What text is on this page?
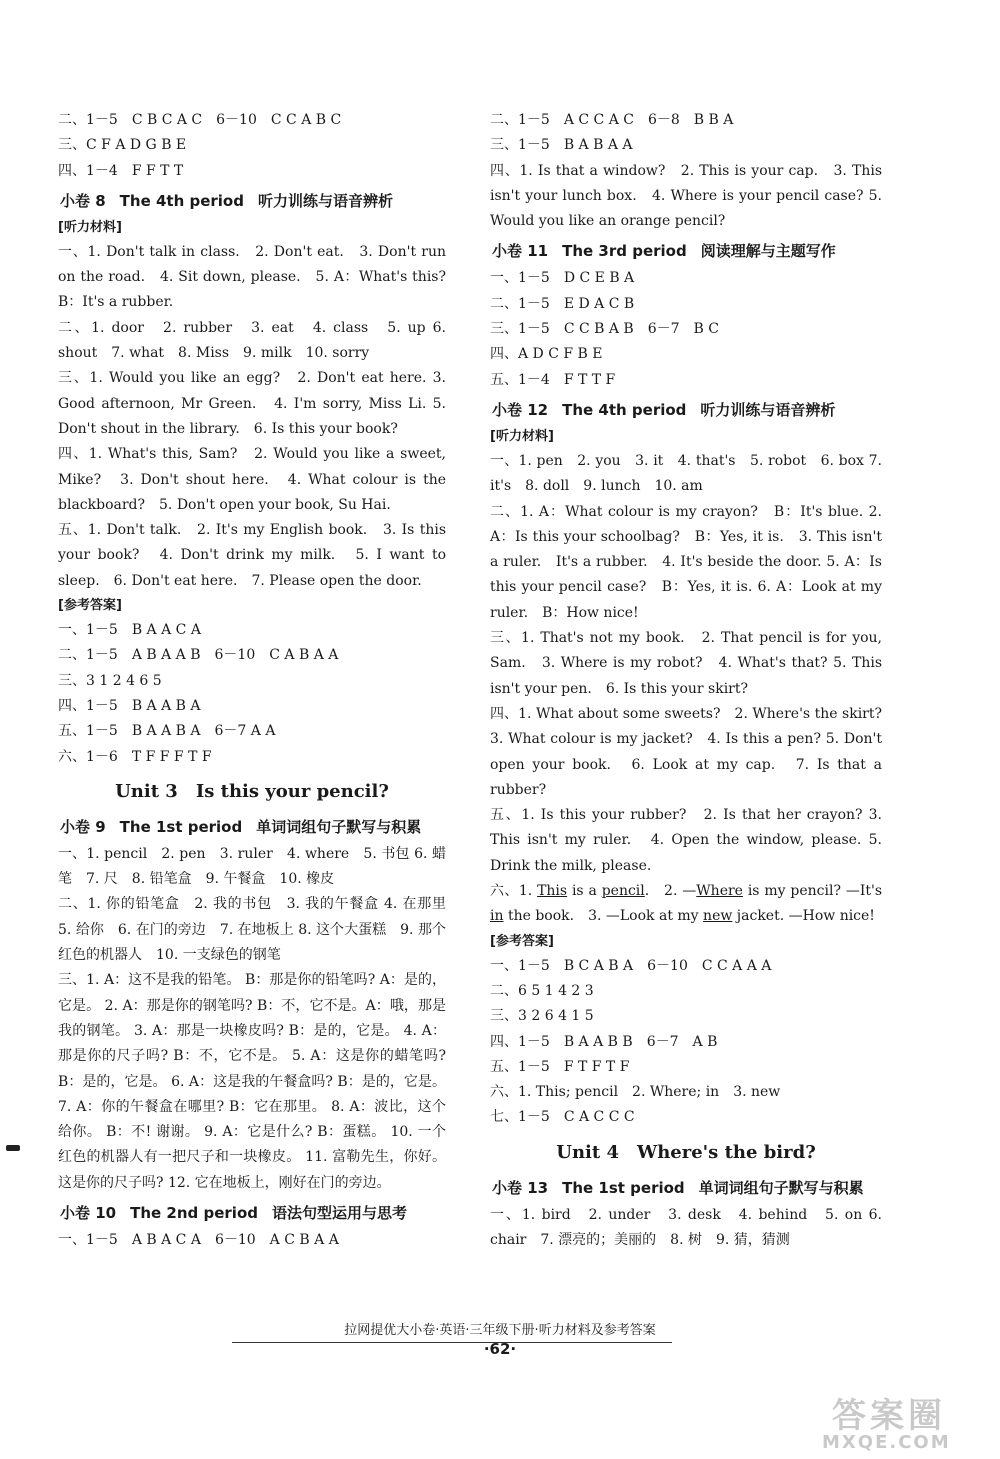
二、1－5　C B C A C　6－10　C C A B C
三、C F A D G B E
四、1－4　F F T T
小卷 8 The 4th period 听力训练与语音辨析
[听力材料]
一、1. Don't talk in class.　2. Don't eat.　3. Don't run on the road.　4. Sit down, please.　5. A：What's this? B：It's a rubber.
二、1. door　2. rubber　3. eat　4. class　5. up 6. shout　7. what　8. Miss　9. milk　10. sorry
三、1. Would you like an egg?　2. Don't eat here. 3. Good afternoon, Mr Green.　4. I'm sorry, Miss Li. 5. Don't shout in the library.　6. Is this your book?
四、1. What's this, Sam?　2. Would you like a sweet, Mike?　3. Don't shout here.　4. What colour is the blackboard?　5. Don't open your book, Su Hai.
五、1. Don't talk.　2. It's my English book.　3. Is this your book?　4. Don't drink my milk.　5. I want to sleep.　6. Don't eat here.　7. Please open the door.
[参考答案]
一、1－5　B A A C A
二、1－5　A B A A B　6－10　C A B A A
三、3 1 2 4 6 5
四、1－5　B A A B A
五、1－5　B A A B A　6－7 A A
六、1－6　T F F F T F
Unit 3　Is this your pencil?
小卷 9 The 1st period 单词词组句子默写与积累
一、1. pencil　2. pen　3. ruler　4. where　5. 书包 6. 蜡笔　7. 尺　8. 铅笔盒　9. 午餐盒　10. 橡皮
二、1. 你的铅笔盒　2. 我的书包　3. 我的午餐盒 4. 在那里　5. 给你　6. 在门的旁边　7. 在地板上 8. 这个大蛋糕　9. 那个红色的机器人　10. 一支绿色的钢笔
三、1. A：这不是我的铅笔。 B：那是你的铅笔吗? A：是的，它是。 2. A：那是你的钢笔吗? B：不，它不是。A：哦，那是我的钢笔。 3. A：那是一块橡皮吗? B：是的，它是。 4. A：那是你的尺子吗? B：不，它不是。 5. A：这是你的蜡笔吗? B：是的，它是。 6. A：这是我的午餐盒吗? B：是的，它是。 7. A：你的午餐盒在哪里? B：它在那里。 8. A：波比，这个给你。 B：不! 谢谢。 9. A：它是什么? B：蛋糕。 10. 一个红色的机器人有一把尺子和一块橡皮。 11. 富勒先生，你好。这是你的尺子吗? 12. 它在地板上，刚好在门的旁边。
小卷 10 The 2nd period 语法句型运用与思考
一、1－5　A B A C A　6－10　A C B A A
二、1－5　A C C A C　6－8　B B A
三、1－5　B A B A A
四、1. Is that a window?　2. This is your cap.　3. This isn't your lunch box.　4. Where is your pencil case? 5. Would you like an orange pencil?
小卷 11 The 3rd period 阅读理解与主题写作
一、1－5　D C E B A
二、1－5　E D A C B
三、1－5　C C B A B　6－7　B C
四、A D C F B E
五、1－4　F T T F
小卷 12 The 4th period 听力训练与语音辨析
[听力材料]
一、1. pen　2. you　3. it　4. that's　5. robot　6. box 7. it's　8. doll　9. lunch　10. am
二、1. A：What colour is my crayon?　B：It's blue. 2. A：Is this your schoolbag?　B：Yes, it is.　3. This isn't a ruler.　It's a rubber.　4. It's beside the door. 5. A：Is this your pencil case?　B：Yes, it is. 6. A：Look at my ruler.　B：How nice!
三、1. That's not my book.　2. That pencil is for you, Sam.　3. Where is my robot?　4. What's that? 5. This isn't your pen.　6. Is this your skirt?
四、1. What about some sweets?　2. Where's the skirt? 3. What colour is my jacket?　4. Is this a pen? 5. Don't open your book.　6. Look at my cap.　7. Is that a rubber?
五、1. Is this your rubber?　2. Is that her crayon? 3. This isn't my ruler.　4. Open the window, please. 5. Drink the milk, please.
六、1. This is a pencil.　2. —Where is my pencil? —It's in the book.　3. —Look at my new jacket. —How nice!
[参考答案]
一、1－5　B C A B A　6－10　C C A A A
二、6 5 1 4 2 3
三、3 2 6 4 1 5
四、1－5　B A A B B　6－7　A B
五、1－5　F T F T F
六、1. This; pencil　2. Where; in　3. new
七、1－5　C A C C C
Unit 4　Where's the bird?
小卷 13 The 1st period 单词词组句子默写与积累
一、1. bird　2. under　3. desk　4. behind　5. on 6. chair　7. 漂亮的；美丽的　8. 树　9. 猜，猜测
拉网提优大小卷·英语·三年级下册·听力材料及参考答案
·62·
答案圈
MXQE.COM
